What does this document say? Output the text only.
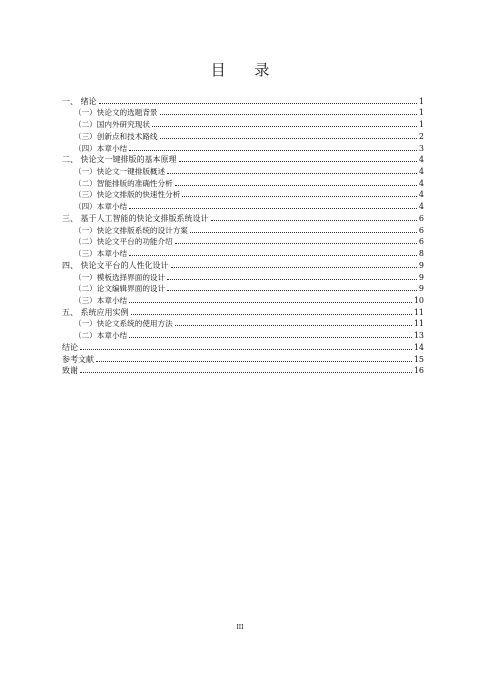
目 录
一、 绪论	1
（一）快论文的选题背景	1
（二）国内外研究现状	1
（三）创新点和技术路线	2
（四）本章小结	3
二、 快论文一键排版的基本原理	4
（一）快论文一键排版概述	4
（二）智能排版的准确性分析	4
（三）快论文排版的快速性分析	4
（四）本章小结	4
三、 基于人工智能的快论文排版系统设计	6
（一）快论文排版系统的设计方案	6
（二）快论文平台的功能介绍	6
（三）本章小结	8
四、 快论文平台的人性化设计	9
（一）模板选择界面的设计	9
（二）论文编辑界面的设计	9
（三）本章小结	10
五、 系统应用实例	11
（一）快论文系统的使用方法	11
（二）本章小结	13
结论	14
参考文献	15
致谢	16
III
